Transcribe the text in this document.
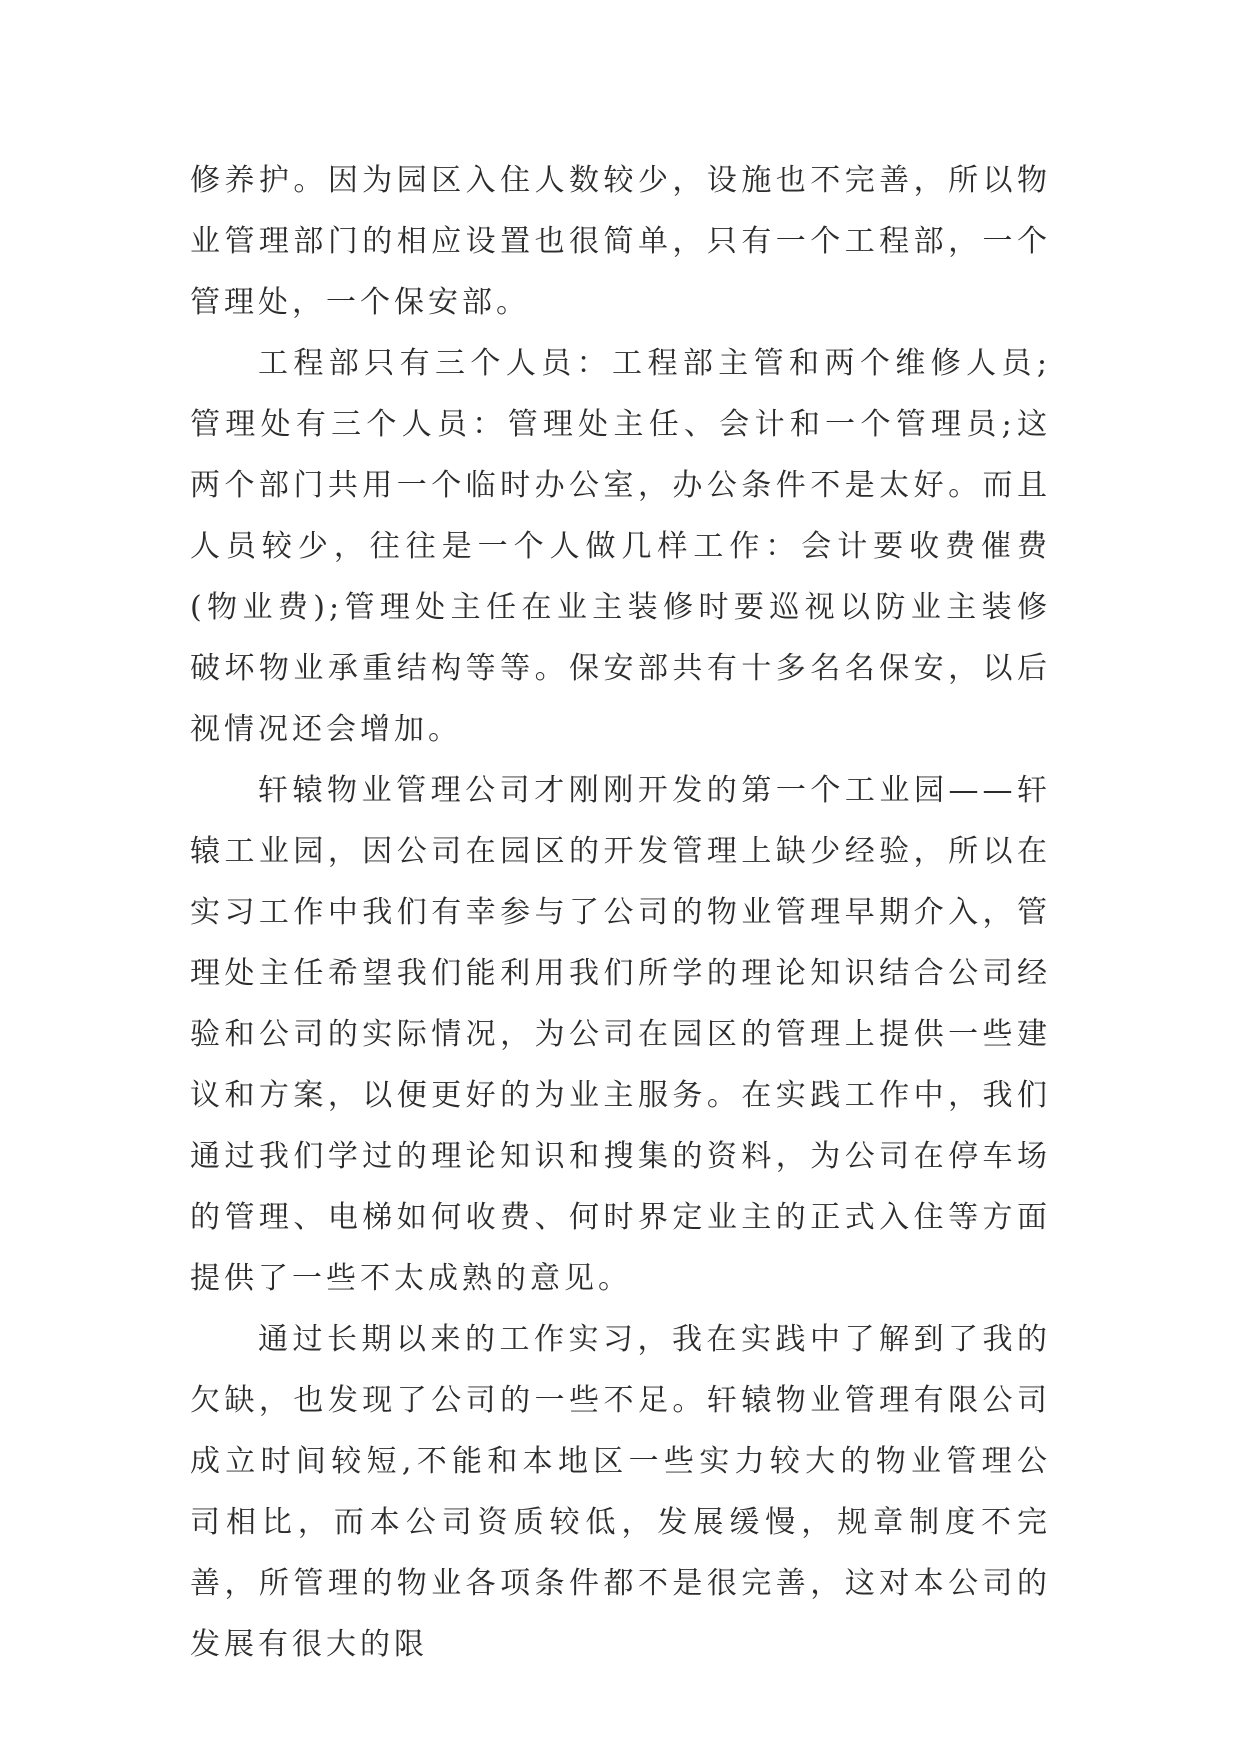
修养护。因为园区入住人数较少，设施也不完善，所以物业管理部门的相应设置也很简单，只有一个工程部，一个管理处，一个保安部。

工程部只有三个人员：工程部主管和两个维修人员;管理处有三个人员：管理处主任、会计和一个管理员;这两个部门共用一个临时办公室，办公条件不是太好。而且人员较少，往往是一个人做几样工作：会计要收费催费(物业费);管理处主任在业主装修时要巡视以防业主装修破坏物业承重结构等等。保安部共有十多名名保安，以后视情况还会增加。

轩辕物业管理公司才刚刚开发的第一个工业园——轩辕工业园，因公司在园区的开发管理上缺少经验，所以在实习工作中我们有幸参与了公司的物业管理早期介入，管理处主任希望我们能利用我们所学的理论知识结合公司经验和公司的实际情况，为公司在园区的管理上提供一些建议和方案，以便更好的为业主服务。在实践工作中，我们通过我们学过的理论知识和搜集的资料，为公司在停车场的管理、电梯如何收费、何时界定业主的正式入住等方面提供了一些不太成熟的意见。

通过长期以来的工作实习，我在实践中了解到了我的欠缺，也发现了公司的一些不足。轩辕物业管理有限公司成立时间较短,不能和本地区一些实力较大的物业管理公司相比，而本公司资质较低，发展缓慢，规章制度不完善，所管理的物业各项条件都不是很完善，这对本公司的发展有很大的限
